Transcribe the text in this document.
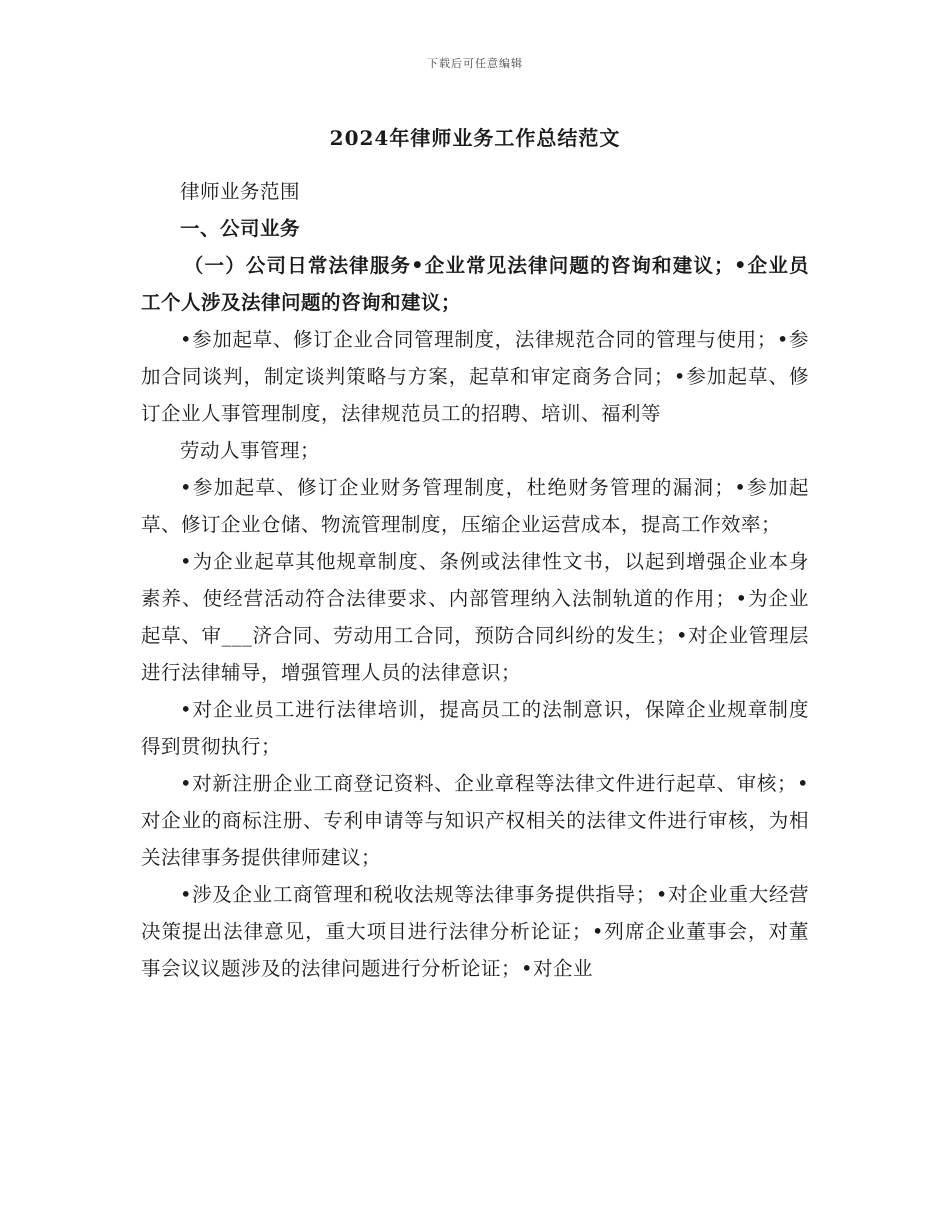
下载后可任意编辑
2024年律师业务工作总结范文

律师业务范围

一、公司业务

（一）公司日常法律服务•企业常见法律问题的咨询和建议；•企业员工个人涉及法律问题的咨询和建议；

•参加起草、修订企业合同管理制度，法律规范合同的管理与使用；•参加合同谈判，制定谈判策略与方案，起草和审定商务合同；•参加起草、修订企业人事管理制度，法律规范员工的招聘、培训、福利等

劳动人事管理；

•参加起草、修订企业财务管理制度，杜绝财务管理的漏洞；•参加起草、修订企业仓储、物流管理制度，压缩企业运营成本，提高工作效率；

•为企业起草其他规章制度、条例或法律性文书，以起到增强企业本身素养、使经营活动符合法律要求、内部管理纳入法制轨道的作用；•为企业起草、审___济合同、劳动用工合同，预防合同纠纷的发生；•对企业管理层进行法律辅导，增强管理人员的法律意识；

•对企业员工进行法律培训，提高员工的法制意识，保障企业规章制度得到贯彻执行；

•对新注册企业工商登记资料、企业章程等法律文件进行起草、审核；•对企业的商标注册、专利申请等与知识产权相关的法律文件进行审核，为相关法律事务提供律师建议；

•涉及企业工商管理和税收法规等法律事务提供指导；•对企业重大经营决策提出法律意见，重大项目进行法律分析论证；•列席企业董事会，对董事会议议题涉及的法律问题进行分析论证；•对企业
